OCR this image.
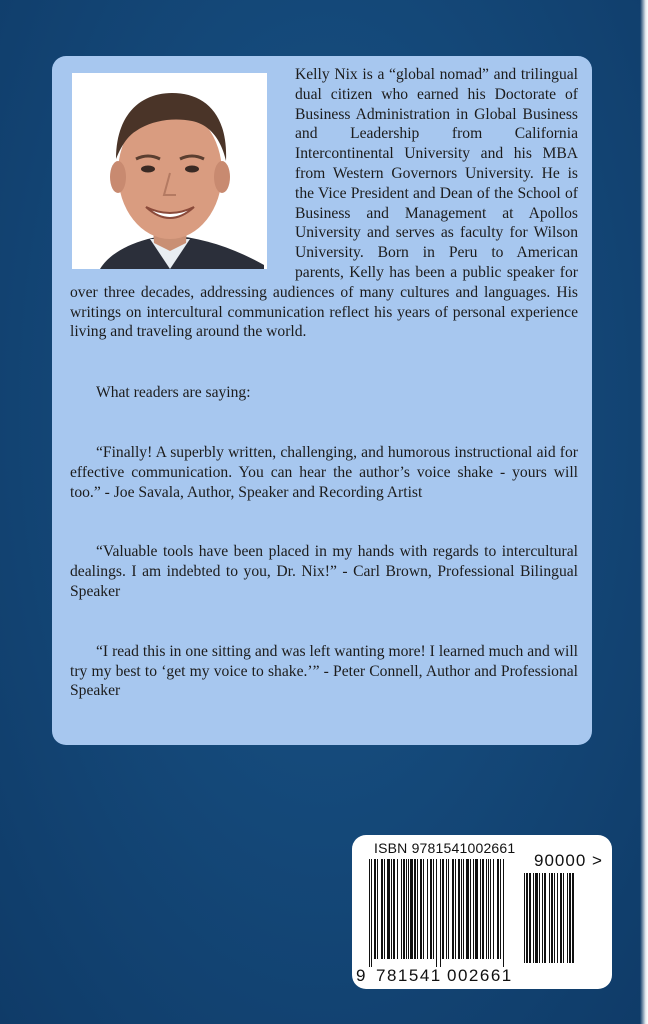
Kelly Nix is a “global nomad” and trilingual dual citizen who earned his Doctorate of Business Administration in Global Business and Leadership from California Intercontinental University and his MBA from Western Governors University. He is the Vice President and Dean of the School of Business and Management at Apollos University and serves as faculty for Wilson University. Born in Peru to American parents, Kelly has been a public speaker for over three decades, addressing audiences of many cultures and languages. His writings on intercultural communication reflect his years of personal experience living and traveling around the world.

What readers are saying:

“Finally! A superbly written, challenging, and humorous instructional aid for effective communication. You can hear the author’s voice shake - yours will too.” - Joe Savala, Author, Speaker and Recording Artist

“Valuable tools have been placed in my hands with regards to intercultural dealings. I am indebted to you, Dr. Nix!” - Carl Brown, Professional Bilingual Speaker

“I read this in one sitting and was left wanting more! I learned much and will try my best to ‘get my voice to shake.’” - Peter Connell, Author and Professional Speaker

ISBN 9781541002661
90000 >
9 781541 002661
